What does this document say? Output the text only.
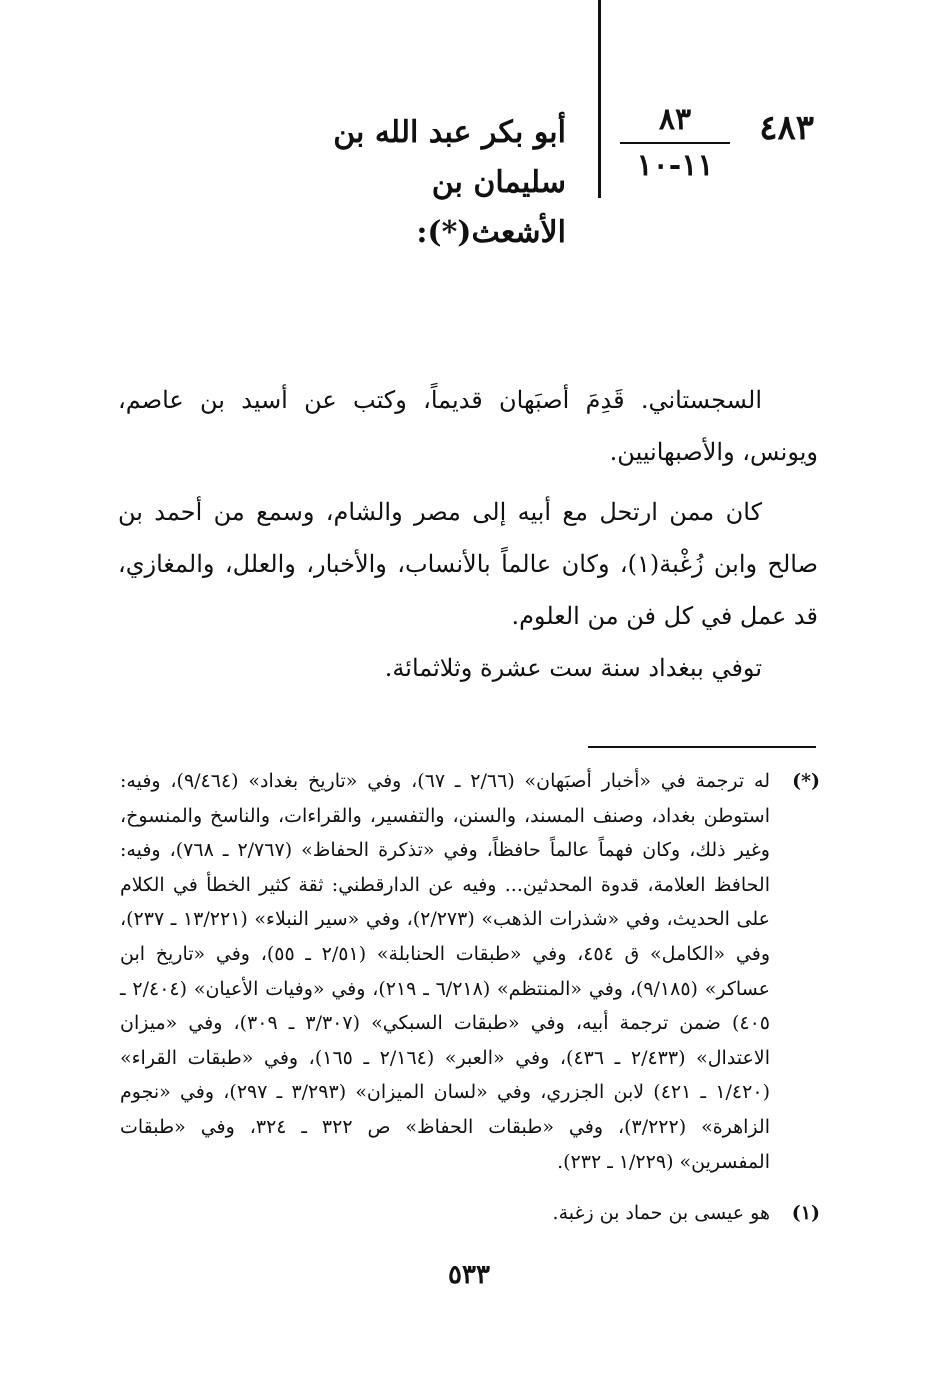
٤٨٣
٨٣
١١-١٠
أبو بكر عبد الله بن سليمان بن
الأشعث(*):
السجستاني. قَدِمَ أصبَهان قديماً، وكتب عن أسيد بن عاصم، ويونس، والأصبهانيين.
كان ممن ارتحل مع أبيه إلى مصر والشام، وسمع من أحمد بن صالح وابن زُغْبة(١)، وكان عالماً بالأنساب، والأخبار، والعلل، والمغازي، قد عمل في كل فن من العلوم.
توفي ببغداد سنة ست عشرة وثلاثمائة.
(*)
له ترجمة في «أخبار أصبَهان» (٢/٦٦ ـ ٦٧)، وفي «تاريخ بغداد» (٩/٤٦٤)، وفيه: استوطن بغداد، وصنف المسند، والسنن، والتفسير، والقراءات، والناسخ والمنسوخ، وغير ذلك، وكان فهماً عالماً حافظاً، وفي «تذكرة الحفاظ» (٢/٧٦٧ ـ ٧٦٨)، وفيه: الحافظ العلامة، قدوة المحدثين... وفيه عن الدارقطني: ثقة كثير الخطأ في الكلام على الحديث، وفي «شذرات الذهب» (٢/٢٧٣)، وفي «سير النبلاء» (١٣/٢٢١ ـ ٢٣٧)، وفي «الكامل» ق ٤٥٤، وفي «طبقات الحنابلة» (٢/٥١ ـ ٥٥)، وفي «تاريخ ابن عساكر» (٩/١٨٥)، وفي «المنتظم» (٦/٢١٨ ـ ٢١٩)، وفي «وفيات الأعيان» (٢/٤٠٤ ـ ٤٠٥) ضمن ترجمة أبيه، وفي «طبقات السبكي» (٣/٣٠٧ ـ ٣٠٩)، وفي «ميزان الاعتدال» (٢/٤٣٣ ـ ٤٣٦)، وفي «العبر» (٢/١٦٤ ـ ١٦٥)، وفي «طبقات القراء» (١/٤٢٠ ـ ٤٢١) لابن الجزري، وفي «لسان الميزان» (٣/٢٩٣ ـ ٢٩٧)، وفي «نجوم الزاهرة» (٣/٢٢٢)، وفي «طبقات الحفاظ» ص ٣٢٢ ـ ٣٢٤، وفي «طبقات المفسرين» (١/٢٢٩ ـ ٢٣٢).
(١)
هو عيسى بن حماد بن زغبة.
٥٣٣
